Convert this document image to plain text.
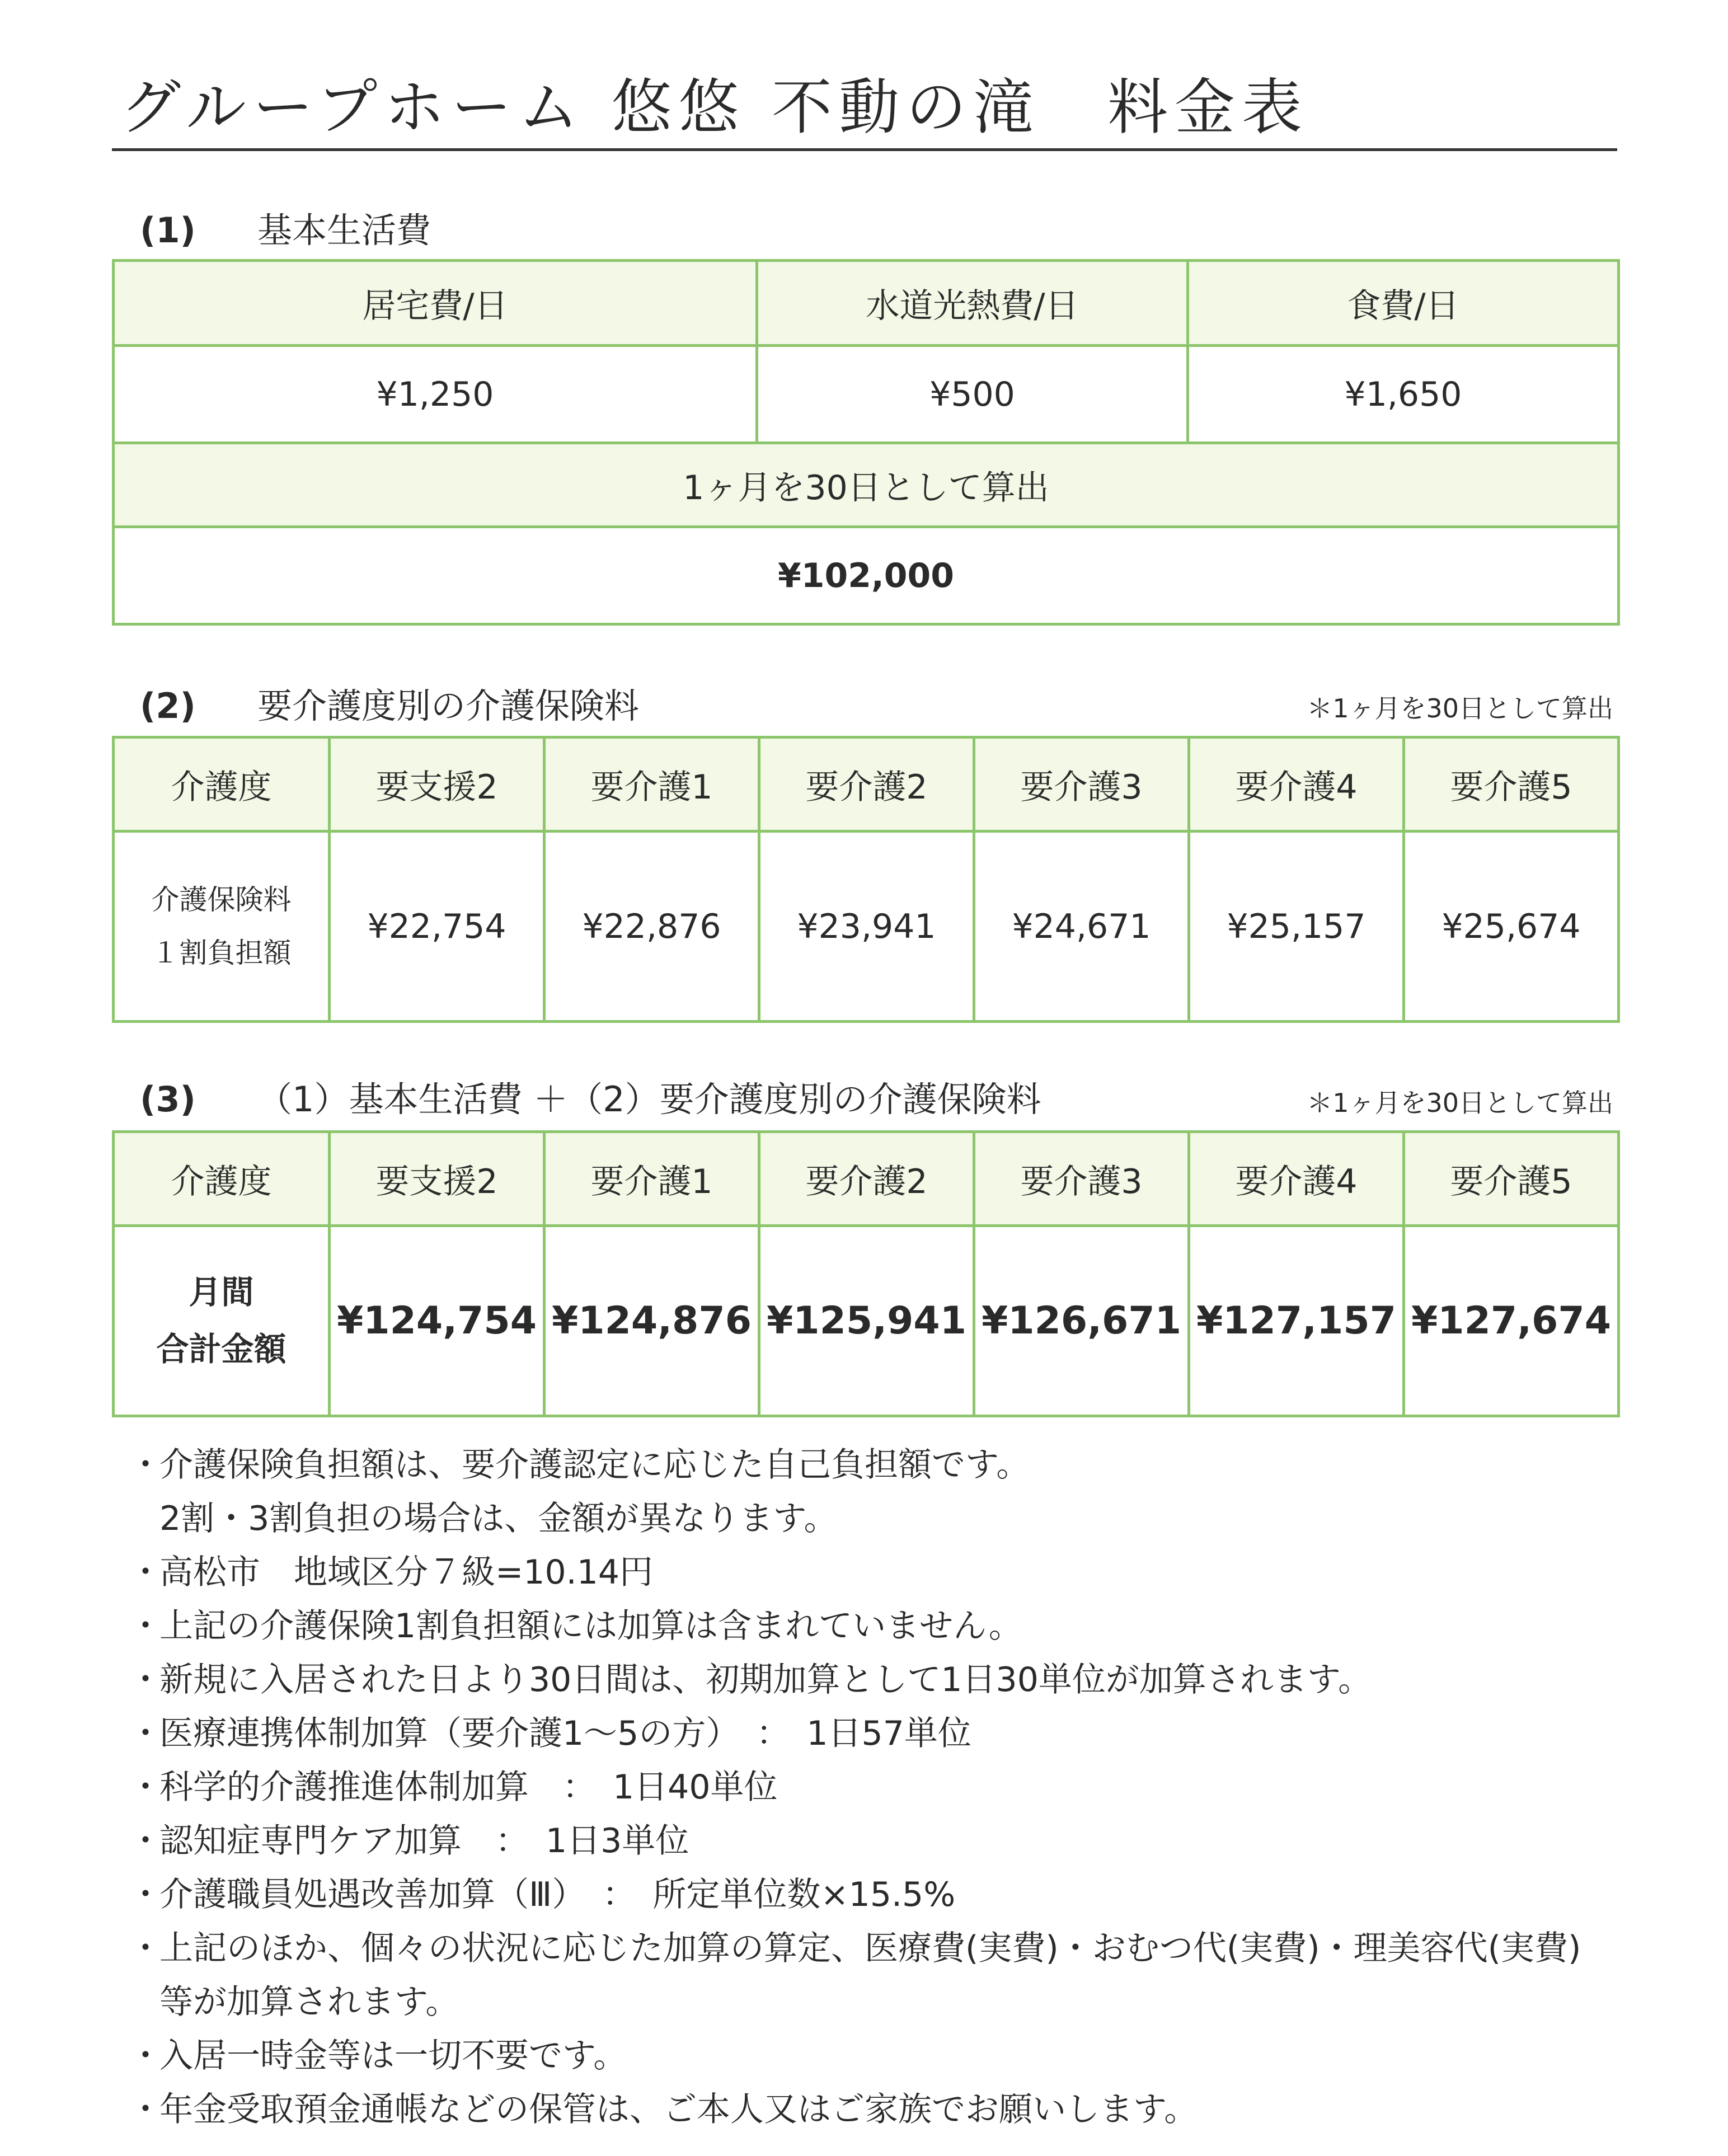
グループホーム 悠悠 不動の滝　料金表
(1) 基本生活費
居宅費/日	水道光熱費/日	食費/日
¥1,250	¥500	¥1,650
1ヶ月を30日として算出		
¥102,000		
(2) 要介護度別の介護保険料	＊1ヶ月を30日として算出
介護度	要支援2	要介護1	要介護2	要介護3	要介護4	要介護5

介護保険料
１割負担額	¥22,754	¥22,876	¥23,941	¥24,671	¥25,157	¥25,674
(3) （1）基本生活費 ＋（2）要介護度別の介護保険料	＊1ヶ月を30日として算出
介護度	要支援2	要介護1	要介護2	要介護3	要介護4	要介護5

月間
合計金額	¥124,754	¥124,876	¥125,941	¥126,671	¥127,157	¥127,674
・
介護保険負担額は、要介護認定に応じた自己負担額です。
2割・3割負担の場合は、金額が異なります。
・
高松市　地域区分７級=10.14円
・
上記の介護保険1割負担額には加算は含まれていません。
・
新規に入居された日より30日間は、初期加算として1日30単位が加算されます。
・
医療連携体制加算（要介護1～5の方）　：　1日57単位
・
科学的介護推進体制加算　：　1日40単位
・
認知症専門ケア加算　：　1日3単位
・
介護職員処遇改善加算（Ⅲ）　：　所定単位数×15.5%
・
上記のほか、個々の状況に応じた加算の算定、医療費(実費)・おむつ代(実費)・理美容代(実費)
等が加算されます。
・
入居一時金等は一切不要です。
・
年金受取預金通帳などの保管は、ご本人又はご家族でお願いします。
